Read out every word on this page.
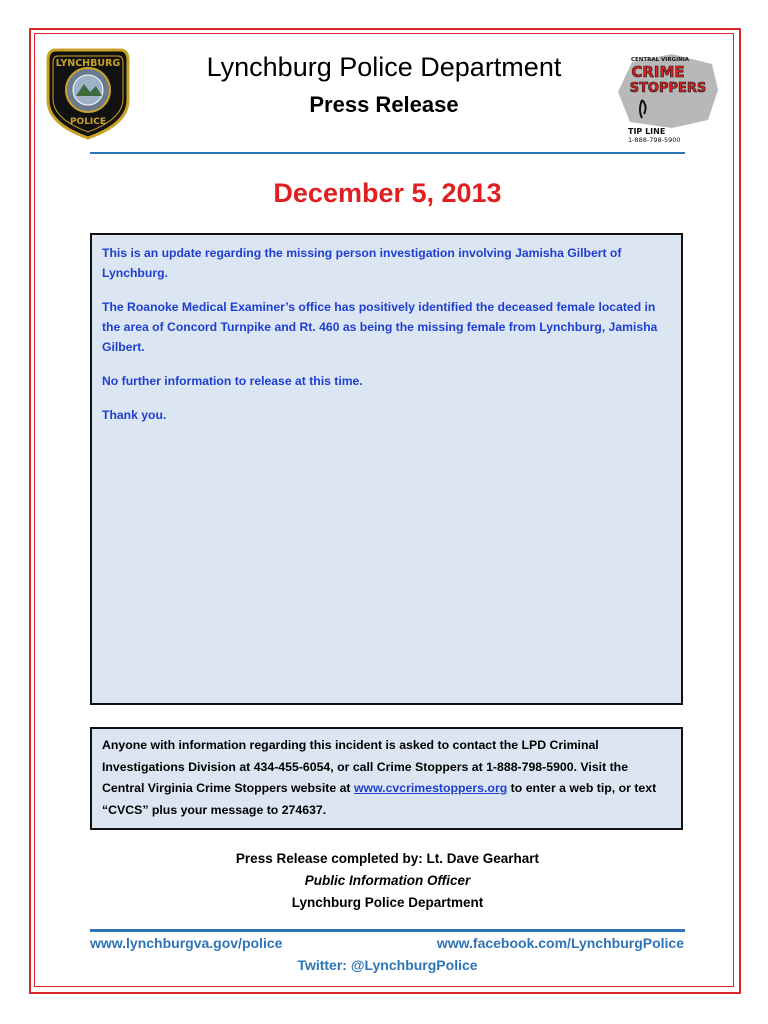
LYNCHBURG
POLICE
Lynchburg Police Department
Press Release
CENTRAL VIRGINIA
CRIME
STOPPERS
TIP LINE
1-888-798-5900
December 5, 2013

This is an update regarding the missing person investigation involving Jamisha Gilbert of Lynchburg.

The Roanoke Medical Examiner’s office has positively identified the deceased female located in the area of Concord Turnpike and Rt. 460 as being the missing female from Lynchburg, Jamisha Gilbert.

No further information to release at this time.

Thank you.

Anyone with information regarding this incident is asked to contact the LPD Criminal Investigations Division at 434-455-6054, or call Crime Stoppers at 1-888-798-5900. Visit the Central Virginia Crime Stoppers website at www.cvcrimestoppers.org to enter a web tip, or text “CVCS” plus your message to 274637.
Press Release completed by: Lt. Dave Gearhart
Public Information Officer
Lynchburg Police Department
www.lynchburgva.gov/police	www.facebook.com/LynchburgPolice
Twitter: @LynchburgPolice
